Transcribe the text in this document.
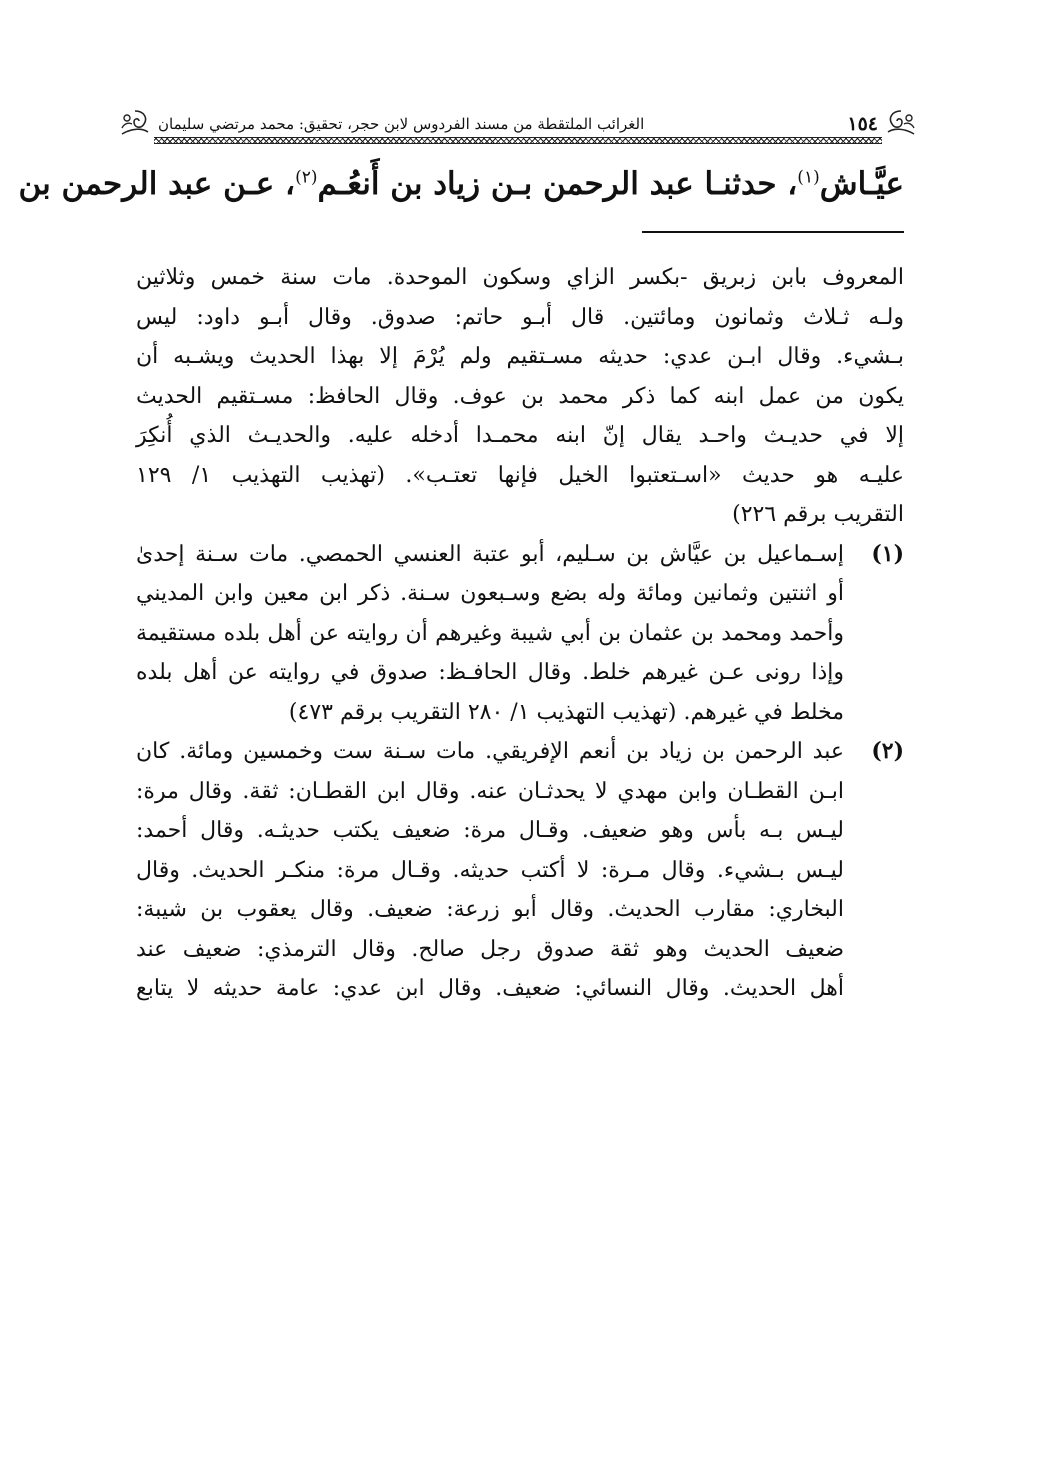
١٥٤
الغرائب الملتقطة من مسند الفردوس لابن حجر، تحقيق: محمد مرتضي سليمان
عيَّـاش$^{(١)}$، حدثنـا عبد الرحمن بـن زياد بن أَنعُـم$^{(٢)}$، عـن عبد الرحمن بن

المعروف بابن زبريق -بكسر الزاي وسكون الموحدة. مات سنة خمس وثلاثين
ولـه ثـلاث وثمانون ومائتين. قال أبـو حاتم: صدوق. وقال أبـو داود: ليس
بـشيء. وقال ابـن عدي: حديثه مسـتقيم ولم يُرْمَ إلا بهذا الحديث ويشـبه أن
يكون من عمل ابنه كما ذكر محمد بن عوف. وقال الحافظ: مسـتقيم الحديث
إلا في حديـث واحـد يقال إنّ ابنه محمـدا أدخله عليه. والحديـث الذي أُنكِرَ
عليـه هو حديث «اسـتعتبوا الخيل فإنها تعتـب». (تهذيب التهذيب ١/ ١٢٩
التقريب برقم ٢٢٦)

(١)
إسـماعيل بن عيَّاش بن سـليم، أبو عتبة العنسي الحمصي. مات سـنة إحدىٰ
أو اثنتين وثمانين ومائة وله بضع وسـبعون سـنة. ذكر ابن معين وابن المديني
وأحمد ومحمد بن عثمان بن أبي شيبة وغيرهم أن روايته عن أهل بلده مستقيمة
وإذا رونى عـن غيرهم خلط. وقال الحافـظ: صدوق في روايته عن أهل بلده
مخلط في غيرهم. (تهذيب التهذيب ١/ ٢٨٠ التقريب برقم ٤٧٣)
(٢)
عبد الرحمن بن زياد بن أنعم الإفريقي. مات سـنة ست وخمسين ومائة. كان
ابـن القطـان وابن مهدي لا يحدثـان عنه. وقال ابن القطـان: ثقة. وقال مرة:
ليـس بـه بأس وهو ضعيف. وقـال مرة: ضعيف يكتب حديثـه. وقال أحمد:
ليـس بـشيء. وقال مـرة: لا أكتب حديثه. وقـال مرة: منكـر الحديث. وقال
البخاري: مقارب الحديث. وقال أبو زرعة: ضعيف. وقال يعقوب بن شيبة:
ضعيف الحديث وهو ثقة صدوق رجل صالح. وقال الترمذي: ضعيف عند
أهل الحديث. وقال النسائي: ضعيف. وقال ابن عدي: عامة حديثه لا يتابع
